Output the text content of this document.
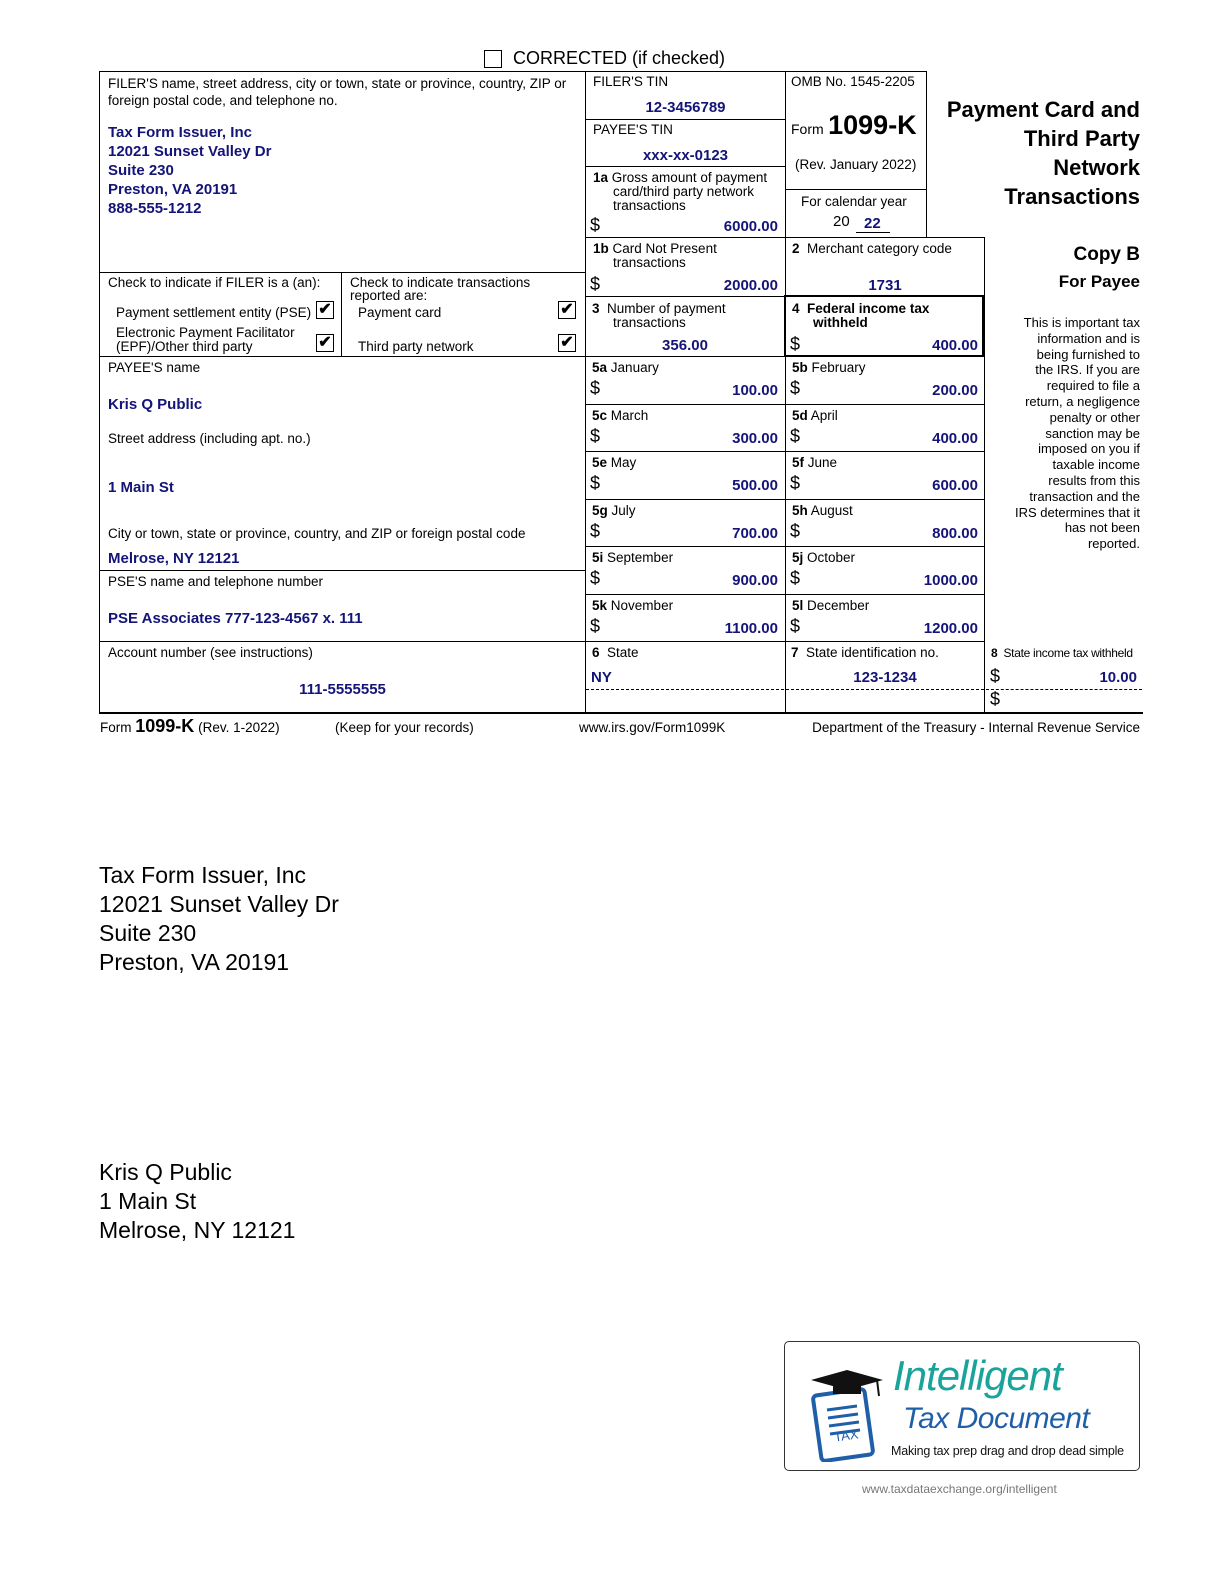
CORRECTED (if checked)
FILER'S name, street address, city or town, state or province, country, ZIP or foreign postal code, and telephone no.
Tax Form Issuer, Inc
12021 Sunset Valley Dr
Suite 230
Preston, VA 20191
888-555-1212
FILER'S TIN
12-3456789
PAYEE'S TIN
xxx-xx-0123
1a Gross amount of payment
card/third party network
transactions
$	6000.00
OMB No. 1545-2205
Form 1099-K
(Rev. January 2022)
For calendar year
20 22
Payment Card and
Third Party
Network
Transactions
Copy B
For Payee
This is important tax
information and is
being furnished to
the IRS. If you are
required to file a
return, a negligence
penalty or other
sanction may be
imposed on you if
taxable income
results from this
transaction and the
IRS determines that it
has not been
reported.
1b Card Not Present
transactions
$	2000.00
2 Merchant category code
1731
Check to indicate if FILER is a (an):
Payment settlement entity (PSE) ✔
Electronic Payment Facilitator
(EPF)/Other third party	✔
Check to indicate transactions
reported are:
Payment card	✔
Third party network	✔
3 Number of payment
transactions
356.00
4 Federal income tax
withheld
$	400.00
PAYEE'S name
Kris Q Public
Street address (including apt. no.)
1 Main St
City or town, state or province, country, and ZIP or foreign postal code
Melrose, NY 12121
PSE'S name and telephone number
PSE Associates 777-123-4567 x. 111
Account number (see instructions)
111-5555555
5a January
$	100.00
5b February
$	200.00
5c March
$	300.00
5d April
$	400.00
5e May
$	500.00
5f June
$	600.00
5g July
$	700.00
5h August
$	800.00
5i September
$	900.00
5j October
$	1000.00
5k November
$	1100.00
5l December
$	1200.00
6 State
NY
7 State identification no.
123-1234
8 State income tax withheld
$	10.00
$
Form 1099-K (Rev. 1-2022)	(Keep for your records)	www.irs.gov/Form1099K	Department of the Treasury - Internal Revenue Service
Tax Form Issuer, Inc
12021 Sunset Valley Dr
Suite 230
Preston, VA 20191
Kris Q Public
1 Main St
Melrose, NY 12121
TAX
Intelligent
Tax Document
Making tax prep drag and drop dead simple
www.taxdataexchange.org/intelligent
